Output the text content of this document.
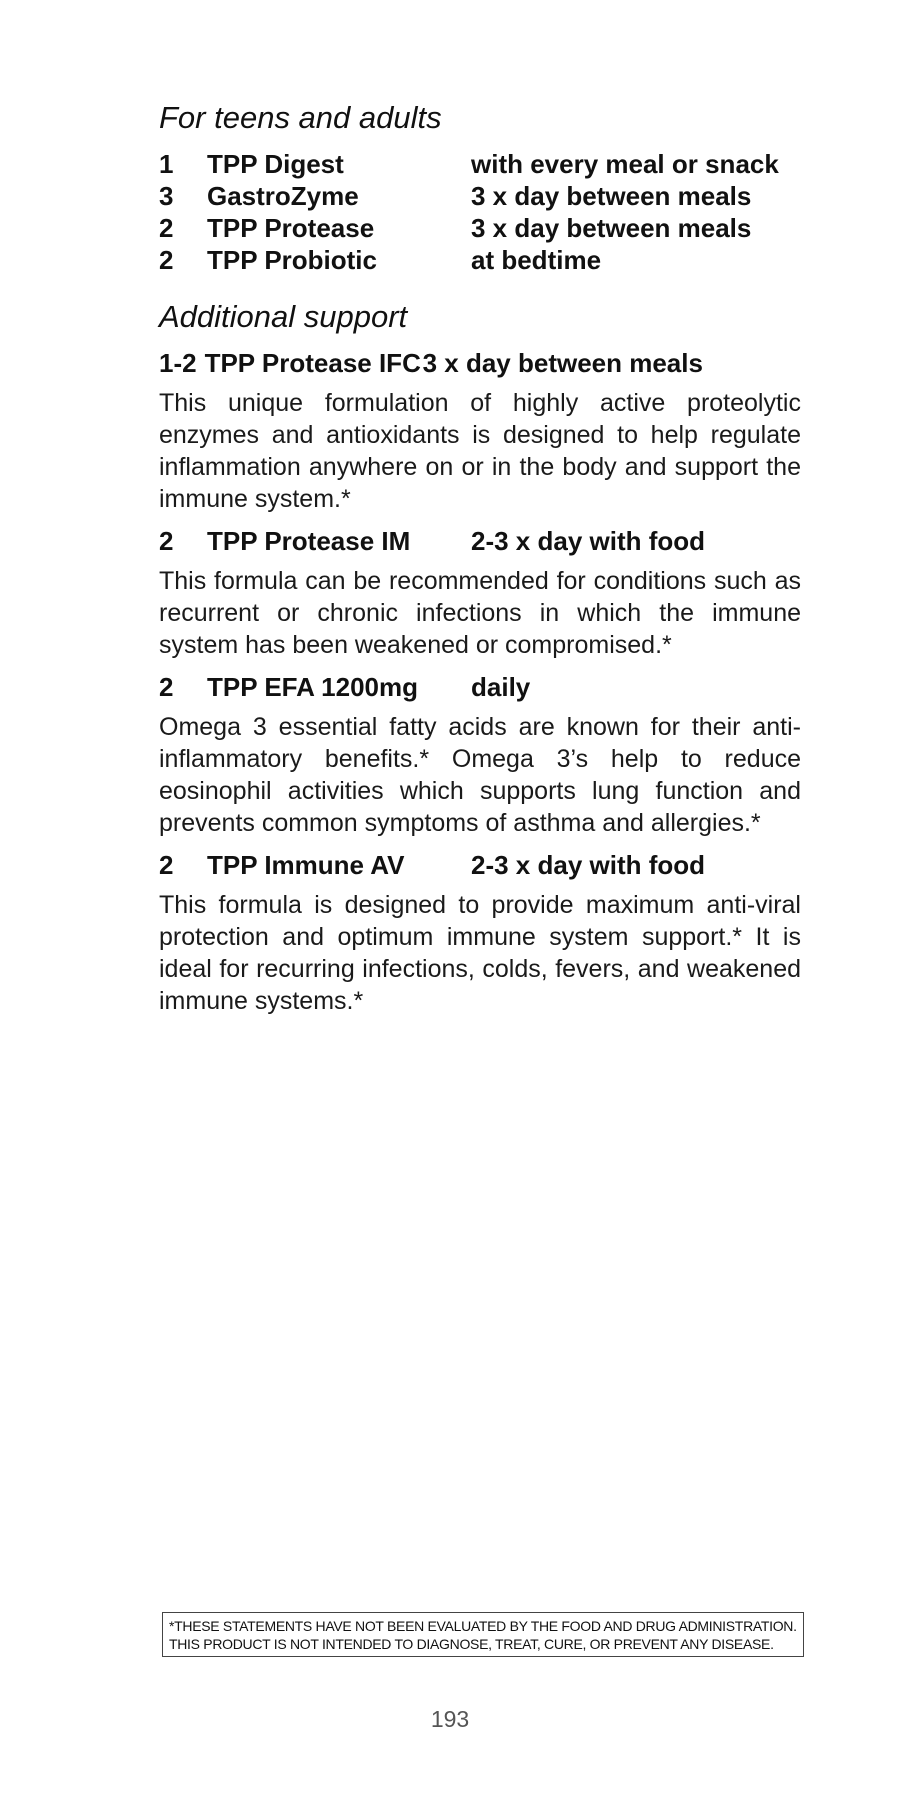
For teens and adults
1	TPP Digest	with every meal or snack
3	GastroZyme	3 x day between meals
2	TPP Protease	3 x day between meals
2	TPP Probiotic	at bedtime
Additional support
1-2 TPP Protease IFC 3 x day between meals

This unique formulation of highly active proteolytic enzymes and antioxidants is designed to help regulate inflammation anywhere on or in the body and support the immune system.*

2	TPP Protease IM	2-3 x day with food

This formula can be recommended for conditions such as recurrent or chronic infections in which the immune system has been weakened or compromised.*

2	TPP EFA 1200mg	daily

Omega 3 essential fatty acids are known for their anti-inflammatory benefits.* Omega 3’s help to reduce eosinophil activities which supports lung function and prevents common symptoms of asthma and allergies.*

2	TPP Immune AV	2-3 x day with food

This formula is designed to provide maximum anti-viral protection and optimum immune system support.* It is ideal for recurring infections, colds, fevers, and weakened immune systems.*

*THESE STATEMENTS HAVE NOT BEEN EVALUATED BY THE FOOD AND DRUG ADMINISTRATION.
THIS PRODUCT IS NOT INTENDED TO DIAGNOSE, TREAT, CURE, OR PREVENT ANY DISEASE.
193
